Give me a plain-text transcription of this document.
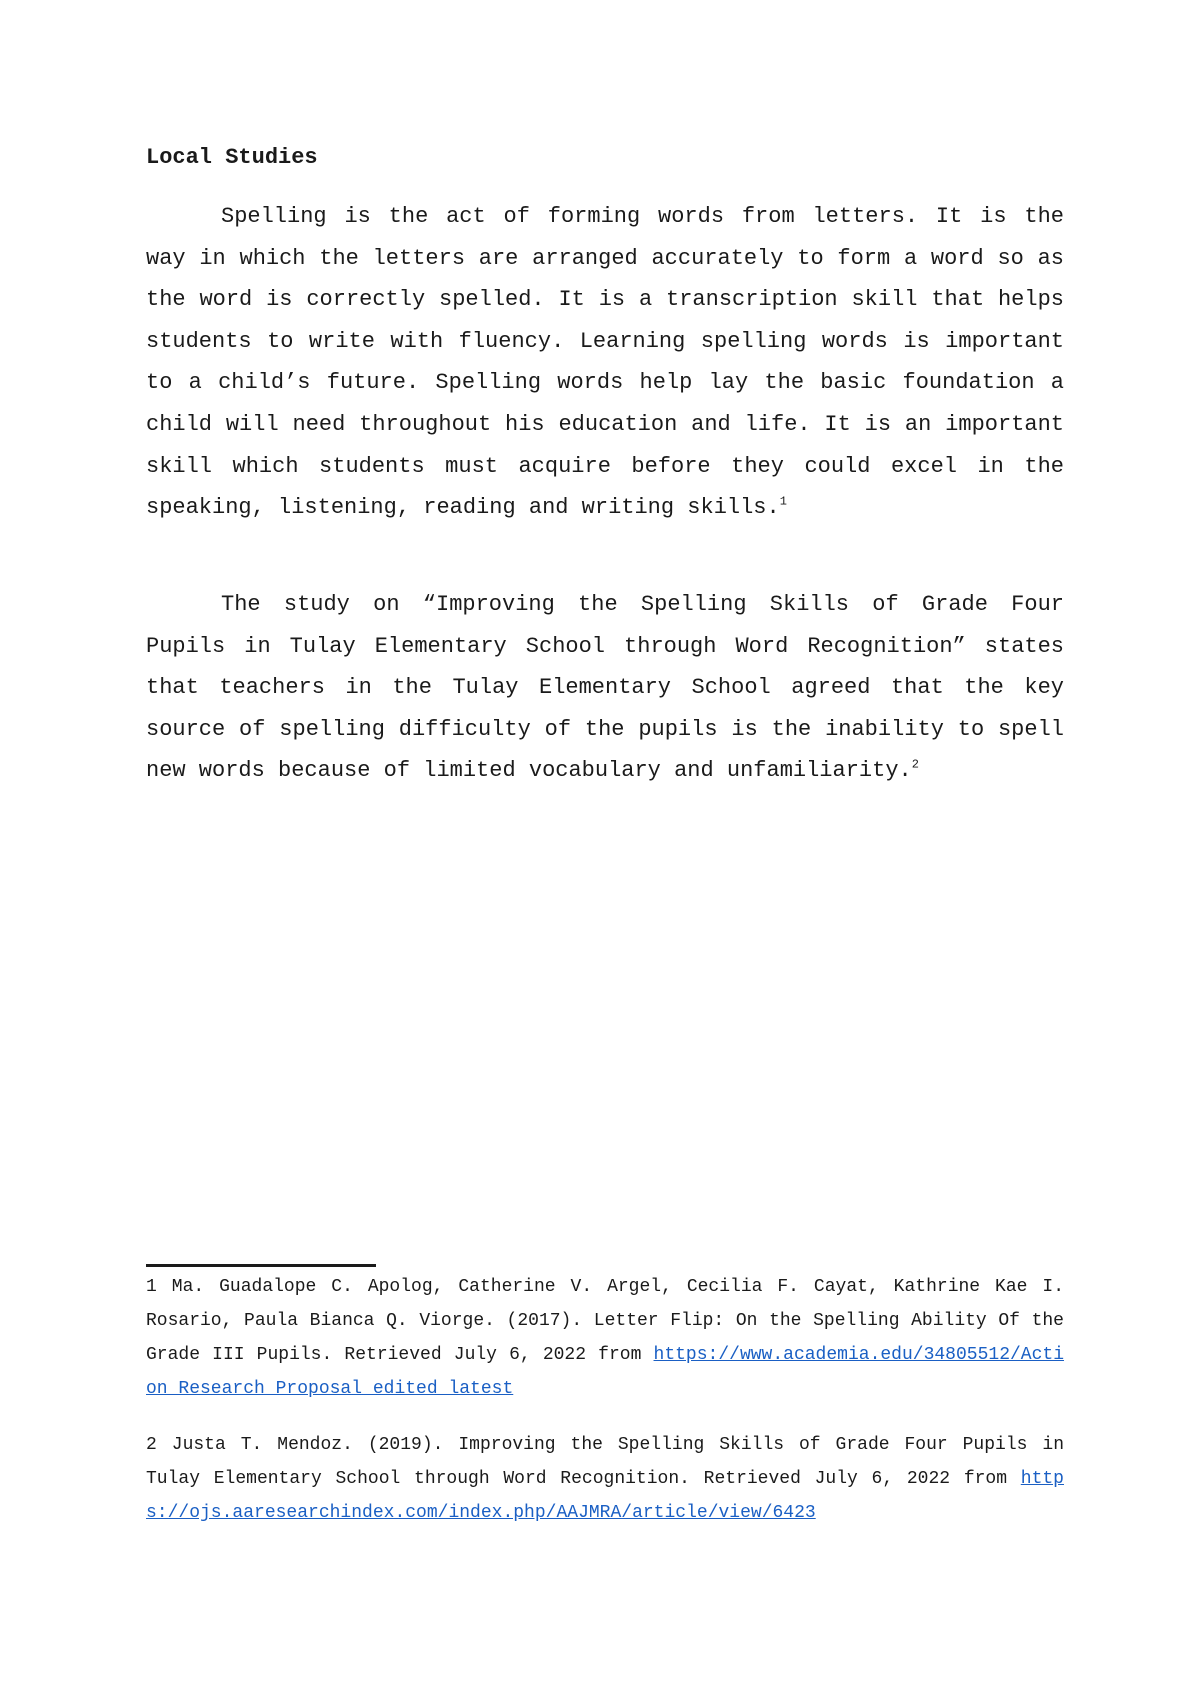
Local Studies

Spelling is the act of forming words from letters. It is the way in which the letters are arranged accurately to form a word so as the word is correctly spelled. It is a transcription skill that helps students to write with fluency. Learning spelling words is important to a child’s future. Spelling words help lay the basic foundation a child will need throughout his education and life. It is an important skill which students must acquire before they could excel in the speaking, listening, reading and writing skills.$^1$

The study on “Improving the Spelling Skills of Grade Four Pupils in Tulay Elementary School through Word Recognition” states that teachers in the Tulay Elementary School agreed that the key source of spelling difficulty of the pupils is the inability to spell new words because of limited vocabulary and unfamiliarity.$^2$

1 Ma. Guadalope C. Apolog, Catherine V. Argel, Cecilia F. Cayat, Kathrine Kae I. Rosario, Paula Bianca Q. Viorge. (2017). Letter Flip: On the Spelling Ability Of the Grade III Pupils. Retrieved July 6, 2022 from https://www.academia.edu/34805512/Action_Research_Proposal_edited_latest

2 Justa T. Mendoz. (2019). Improving the Spelling Skills of Grade Four Pupils in Tulay Elementary School through Word Recognition. Retrieved July 6, 2022 from https://ojs.aaresearchindex.com/index.php/AAJMRA/article/view/6423
